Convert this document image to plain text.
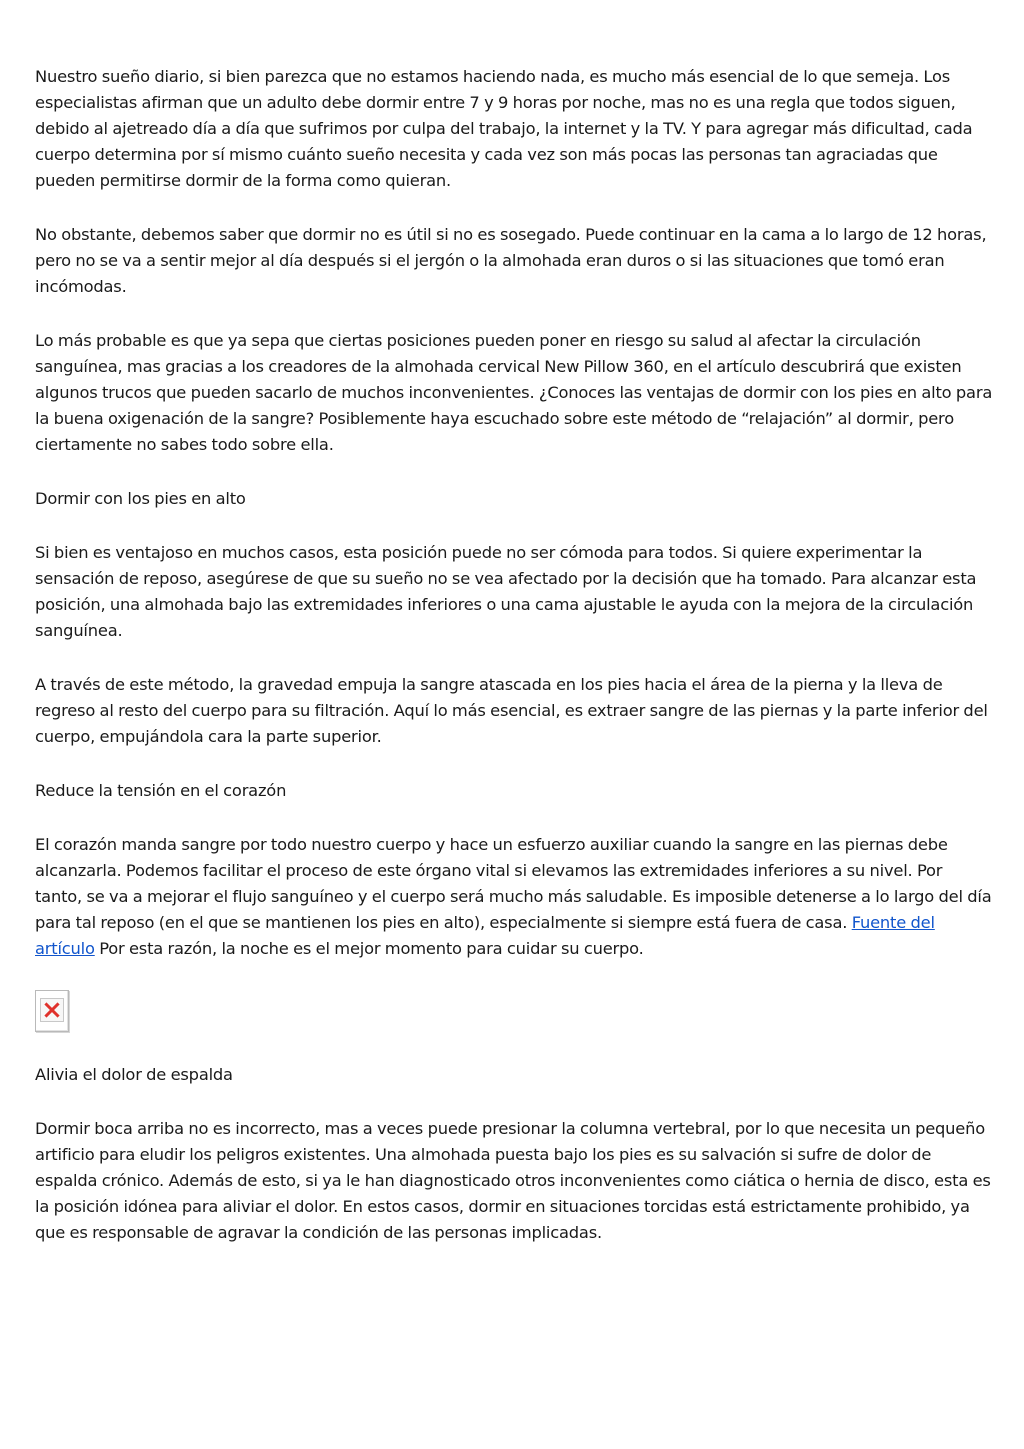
Nuestro sueño diario, si bien parezca que no estamos haciendo nada, es mucho más esencial de lo que semeja. Los especialistas afirman que un adulto debe dormir entre 7 y 9 horas por noche, mas no es una regla que todos siguen, debido al ajetreado día a día que sufrimos por culpa del trabajo, la internet y la TV. Y para agregar más dificultad, cada cuerpo determina por sí mismo cuánto sueño necesita y cada vez son más pocas las personas tan agraciadas que pueden permitirse dormir de la forma como quieran.

No obstante, debemos saber que dormir no es útil si no es sosegado. Puede continuar en la cama a lo largo de 12 horas, pero no se va a sentir mejor al día después si el jergón o la almohada eran duros o si las situaciones que tomó eran incómodas.

Lo más probable es que ya sepa que ciertas posiciones pueden poner en riesgo su salud al afectar la circulación sanguínea, mas gracias a los creadores de la almohada cervical New Pillow 360, en el artículo descubrirá que existen algunos trucos que pueden sacarlo de muchos inconvenientes. ¿Conoces las ventajas de dormir con los pies en alto para la buena oxigenación de la sangre? Posiblemente haya escuchado sobre este método de “relajación” al dormir, pero ciertamente no sabes todo sobre ella.

Dormir con los pies en alto

Si bien es ventajoso en muchos casos, esta posición puede no ser cómoda para todos. Si quiere experimentar la sensación de reposo, asegúrese de que su sueño no se vea afectado por la decisión que ha tomado. Para alcanzar esta posición, una almohada bajo las extremidades inferiores o una cama ajustable le ayuda con la mejora de la circulación sanguínea.

A través de este método, la gravedad empuja la sangre atascada en los pies hacia el área de la pierna y la lleva de regreso al resto del cuerpo para su filtración. Aquí lo más esencial, es extraer sangre de las piernas y la parte inferior del cuerpo, empujándola cara la parte superior.

Reduce la tensión en el corazón

El corazón manda sangre por todo nuestro cuerpo y hace un esfuerzo auxiliar cuando la sangre en las piernas debe alcanzarla. Podemos facilitar el proceso de este órgano vital si elevamos las extremidades inferiores a su nivel. Por tanto, se va a mejorar el flujo sanguíneo y el cuerpo será mucho más saludable. Es imposible detenerse a lo largo del día para tal reposo (en el que se mantienen los pies en alto), especialmente si siempre está fuera de casa. Fuente del artículo Por esta razón, la noche es el mejor momento para cuidar su cuerpo.

Alivia el dolor de espalda

Dormir boca arriba no es incorrecto, mas a veces puede presionar la columna vertebral, por lo que necesita un pequeño artificio para eludir los peligros existentes. Una almohada puesta bajo los pies es su salvación si sufre de dolor de espalda crónico. Además de esto, si ya le han diagnosticado otros inconvenientes como ciática o hernia de disco, esta es la posición idónea para aliviar el dolor. En estos casos, dormir en situaciones torcidas está estrictamente prohibido, ya que es responsable de agravar la condición de las personas implicadas.
